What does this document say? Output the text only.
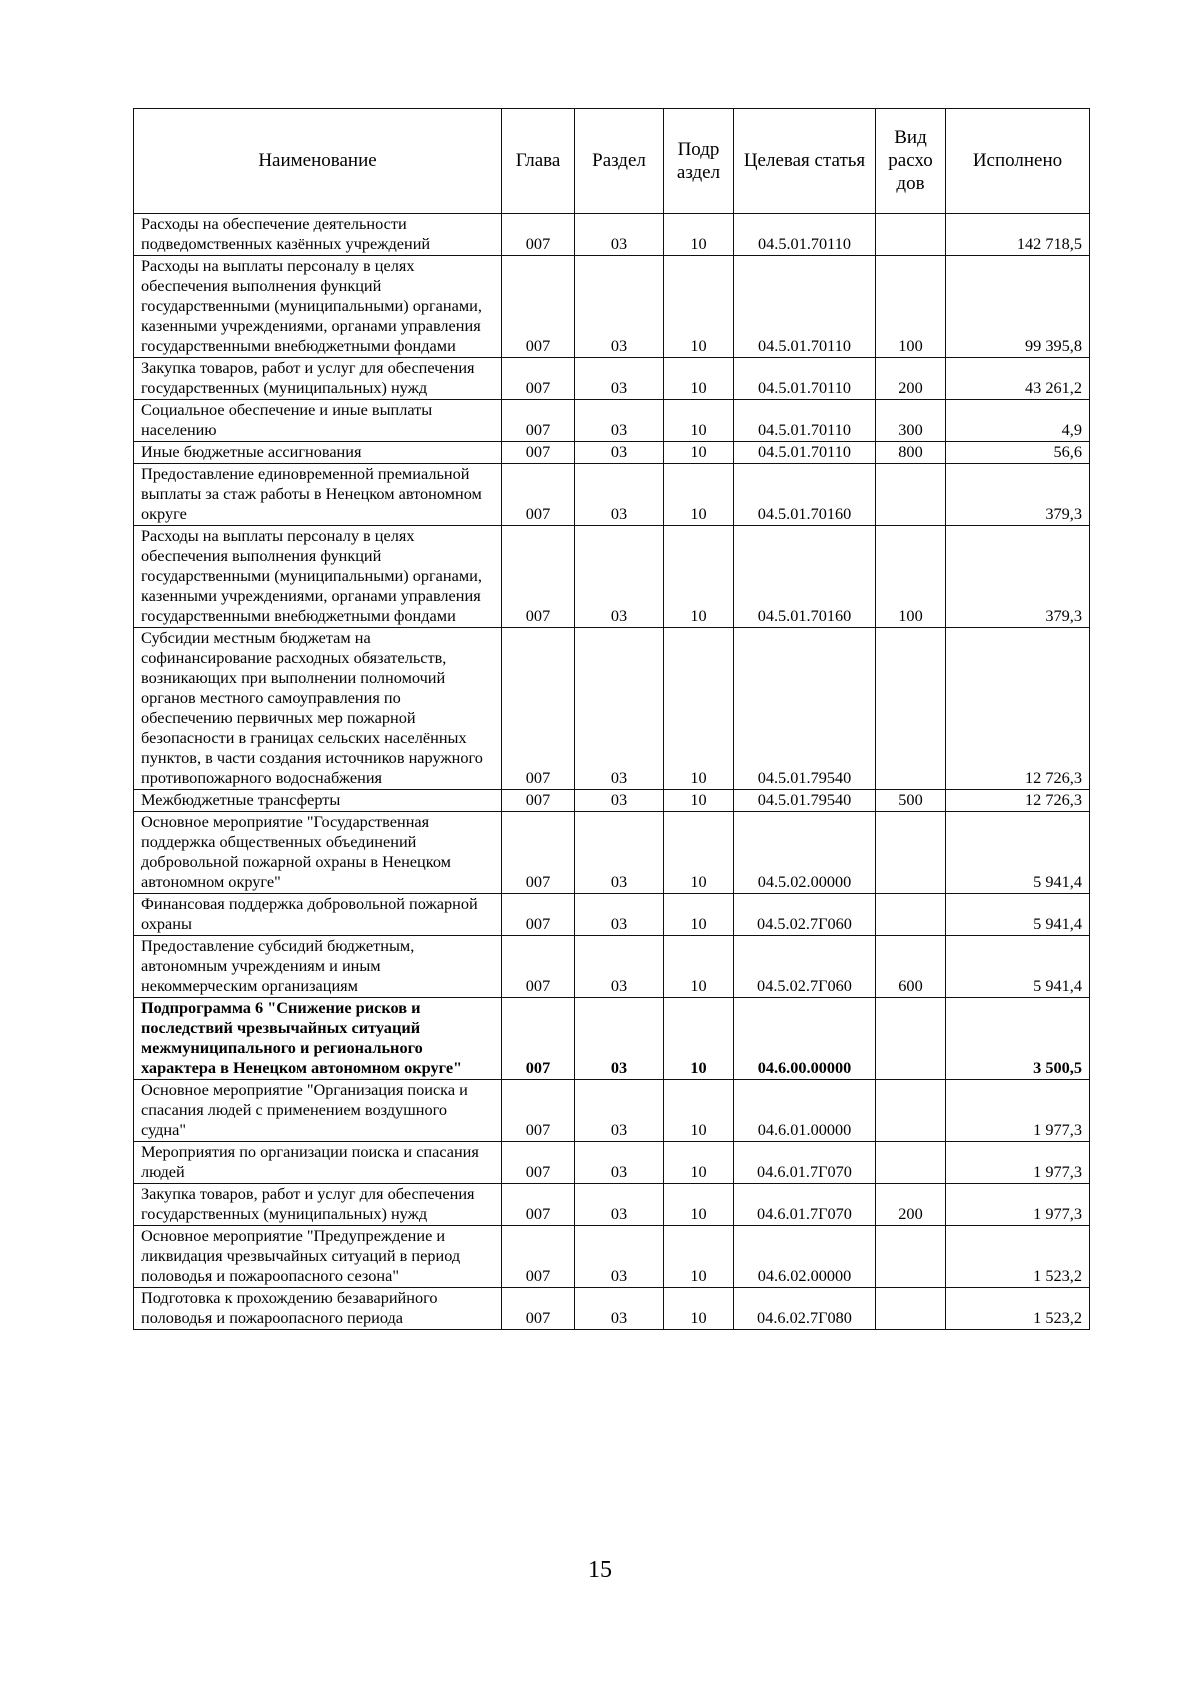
Наименование	Глава	Раздел	Подр аздел	Целевая статья	Вид расхо дов	Исполнено
Расходы на обеспечение деятельности подведомственных казённых учреждений	007	03	10	04.5.01.70110		142 718,5
Расходы на выплаты персоналу в целях обеспечения выполнения функций государственными (муниципальными) органами, казенными учреждениями, органами управления государственными внебюджетными фондами	007	03	10	04.5.01.70110	100	99 395,8
Закупка товаров, работ и услуг для обеспечения государственных (муниципальных) нужд	007	03	10	04.5.01.70110	200	43 261,2
Социальное обеспечение и иные выплаты населению	007	03	10	04.5.01.70110	300	4,9
Иные бюджетные ассигнования	007	03	10	04.5.01.70110	800	56,6
Предоставление единовременной премиальной выплаты за стаж работы в Ненецком автономном округе	007	03	10	04.5.01.70160		379,3
Расходы на выплаты персоналу в целях обеспечения выполнения функций государственными (муниципальными) органами, казенными учреждениями, органами управления государственными внебюджетными фондами	007	03	10	04.5.01.70160	100	379,3
Субсидии местным бюджетам на софинансирование расходных обязательств, возникающих при выполнении полномочий органов местного самоуправления по обеспечению первичных мер пожарной безопасности в границах сельских населённых пунктов, в части создания источников наружного противопожарного водоснабжения	007	03	10	04.5.01.79540		12 726,3
Межбюджетные трансферты	007	03	10	04.5.01.79540	500	12 726,3
Основное мероприятие "Государственная поддержка общественных объединений добровольной пожарной охраны в Ненецком автономном округе"	007	03	10	04.5.02.00000		5 941,4
Финансовая поддержка добровольной пожарной охраны	007	03	10	04.5.02.7Г060		5 941,4
Предоставление субсидий бюджетным, автономным учреждениям и иным некоммерческим организациям	007	03	10	04.5.02.7Г060	600	5 941,4
Подпрограмма 6 "Снижение рисков и последствий чрезвычайных ситуаций межмуниципального и регионального характера в Ненецком автономном округе"	007	03	10	04.6.00.00000		3 500,5
Основное мероприятие "Организация поиска и спасания людей с применением воздушного судна"	007	03	10	04.6.01.00000		1 977,3
Мероприятия по организации поиска и спасания людей	007	03	10	04.6.01.7Г070		1 977,3
Закупка товаров, работ и услуг для обеспечения государственных (муниципальных) нужд	007	03	10	04.6.01.7Г070	200	1 977,3
Основное мероприятие "Предупреждение и ликвидация чрезвычайных ситуаций в период половодья и пожароопасного сезона"	007	03	10	04.6.02.00000		1 523,2
Подготовка к прохождению безаварийного половодья и пожароопасного периода	007	03	10	04.6.02.7Г080		1 523,2
15
